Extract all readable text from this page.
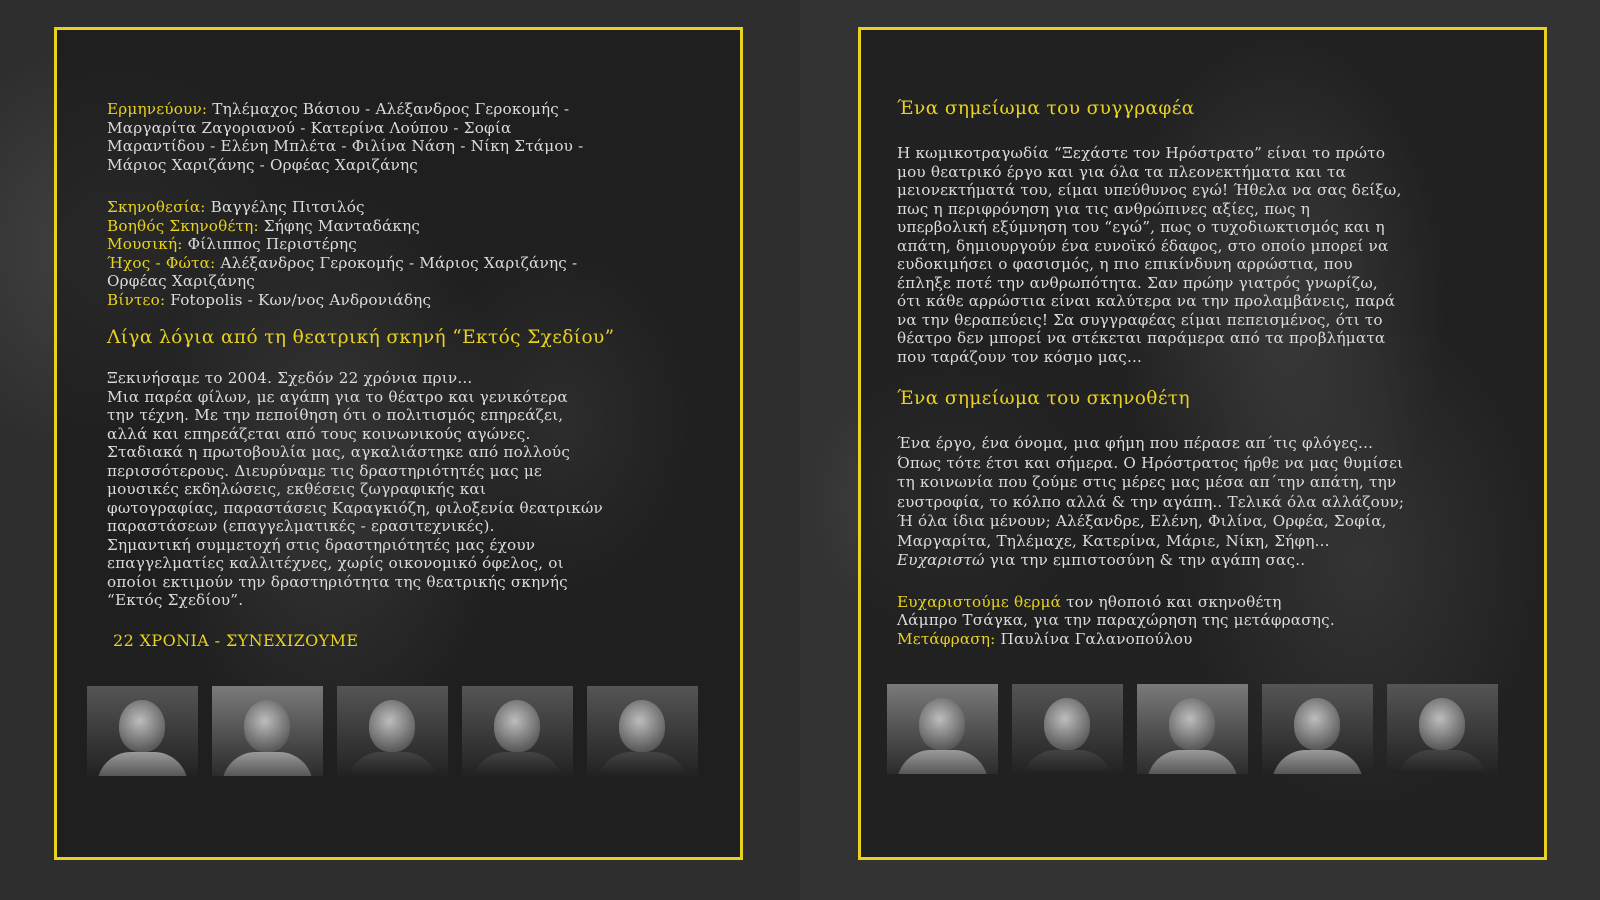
Ερμηνεύουν: Τηλέμαχος Βάσιου - Αλέξανδρος Γεροκομής -
Μαργαρίτα Ζαγοριανού - Κατερίνα Λούπου - Σοφία
Μαραντίδου - Ελένη Μπλέτα - Φιλίνα Νάση - Νίκη Στάμου -
Μάριος Χαριζάνης - Ορφέας Χαριζάνης
Σκηνοθεσία: Βαγγέλης Πιτσιλός
Βοηθός Σκηνοθέτη: Σήφης Μανταδάκης
Μουσική: Φίλιππος Περιστέρης
Ήχος - Φώτα: Αλέξανδρος Γεροκομής - Μάριος Χαριζάνης -
Ορφέας Χαριζάνης
Βίντεο: Fotopolis - Κων/νος Ανδρονιάδης
Λίγα λόγια από τη θεατρική σκηνή “Εκτός Σχεδίου”
Ξεκινήσαμε το 2004. Σχεδόν 22 χρόνια πριν...
Μια παρέα φίλων, με αγάπη για το θέατρο και γενικότερα
την τέχνη. Με την πεποίθηση ότι ο πολιτισμός επηρεάζει,
αλλά και επηρεάζεται από τους κοινωνικούς αγώνες.
Σταδιακά η πρωτοβουλία μας, αγκαλιάστηκε από πολλούς
περισσότερους. Διευρύναμε τις δραστηριότητές μας με
μουσικές εκδηλώσεις, εκθέσεις ζωγραφικής και
φωτογραφίας, παραστάσεις Καραγκιόζη, φιλοξενία θεατρικών
παραστάσεων (επαγγελματικές - ερασιτεχνικές).
Σημαντική συμμετοχή στις δραστηριότητές μας έχουν
επαγγελματίες καλλιτέχνες, χωρίς οικονομικό όφελος, οι
οποίοι εκτιμούν την δραστηριότητα της θεατρικής σκηνής
“Εκτός Σχεδίου”.
22 ΧΡΟΝΙΑ - ΣΥΝΕΧΙΖΟΥΜΕ
Ένα σημείωμα του συγγραφέα
Η κωμικοτραγωδία “Ξεχάστε τον Ηρόστρατο” είναι το πρώτο
μου θεατρικό έργο και για όλα τα πλεονεκτήματα και τα
μειονεκτήματά του, είμαι υπεύθυνος εγώ! Ήθελα να σας δείξω,
πως η περιφρόνηση για τις ανθρώπινες αξίες, πως η
υπερβολική εξύμνηση του “εγώ”, πως ο τυχοδιωκτισμός και η
απάτη, δημιουργούν ένα ευνοϊκό έδαφος, στο οποίο μπορεί να
ευδοκιμήσει ο φασισμός, η πιο επικίνδυνη αρρώστια, που
έπληξε ποτέ την ανθρωπότητα. Σαν πρώην γιατρός γνωρίζω,
ότι κάθε αρρώστια είναι καλύτερα να την προλαμβάνεις, παρά
να την θεραπεύεις! Σα συγγραφέας είμαι πεπεισμένος, ότι το
θέατρο δεν μπορεί να στέκεται παράμερα από τα προβλήματα
που ταράζουν τον κόσμο μας...
Ένα σημείωμα του σκηνοθέτη
Ένα έργο, ένα όνομα, μια φήμη που πέρασε απ΄τις φλόγες...
Όπως τότε έτσι και σήμερα. Ο Ηρόστρατος ήρθε να μας θυμίσει
τη κοινωνία που ζούμε στις μέρες μας μέσα απ΄την απάτη, την
ευστροφία, το κόλπο αλλά & την αγάπη.. Τελικά όλα αλλάζουν;
Ή όλα ίδια μένουν; Αλέξανδρε, Ελένη, Φιλίνα, Ορφέα, Σοφία,
Μαργαρίτα, Τηλέμαχε, Κατερίνα, Μάριε, Νίκη, Σήφη...
Ευχαριστώ για την εμπιστοσύνη & την αγάπη σας..
Ευχαριστούμε θερμά τον ηθοποιό και σκηνοθέτη
Λάμπρο Τσάγκα, για την παραχώρηση της μετάφρασης.
Μετάφραση: Παυλίνα Γαλανοπούλου
